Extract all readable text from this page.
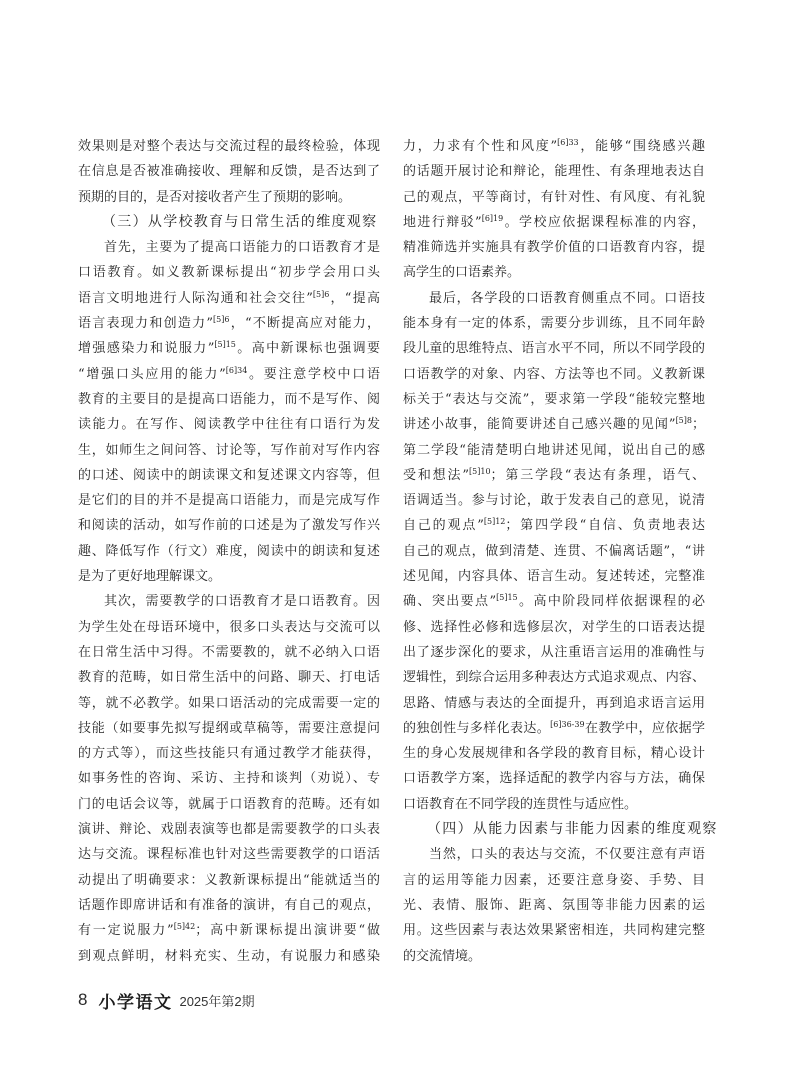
效果则是对整个表达与交流过程的最终检验，体现
在信息是否被准确接收、理解和反馈，是否达到了
预期的目的，是否对接收者产生了预期的影响。
（三）从学校教育与日常生活的维度观察
首先，主要为了提高口语能力的口语教育才是
口语教育。如义教新课标提出“初步学会用口头
语言文明地进行人际沟通和社会交往”$^{[5]6}$，“提高
语言表现力和创造力”$^{[5]6}$，“不断提高应对能力，
增强感染力和说服力”$^{[5]15}$。高中新课标也强调要
“增强口头应用的能力”$^{[6]34}$。要注意学校中口语
教育的主要目的是提高口语能力，而不是写作、阅
读能力。在写作、阅读教学中往往有口语行为发
生，如师生之间问答、讨论等，写作前对写作内容
的口述、阅读中的朗读课文和复述课文内容等，但
是它们的目的并不是提高口语能力，而是完成写作
和阅读的活动，如写作前的口述是为了激发写作兴
趣、降低写作（行文）难度，阅读中的朗读和复述
是为了更好地理解课文。
其次，需要教学的口语教育才是口语教育。因
为学生处在母语环境中，很多口头表达与交流可以
在日常生活中习得。不需要教的，就不必纳入口语
教育的范畴，如日常生活中的问路、聊天、打电话
等，就不必教学。如果口语活动的完成需要一定的
技能（如要事先拟写提纲或草稿等，需要注意提问
的方式等），而这些技能只有通过教学才能获得，
如事务性的咨询、采访、主持和谈判（劝说）、专
门的电话会议等，就属于口语教育的范畴。还有如
演讲、辩论、戏剧表演等也都是需要教学的口头表
达与交流。课程标准也针对这些需要教学的口语活
动提出了明确要求：义教新课标提出“能就适当的
话题作即席讲话和有准备的演讲，有自己的观点，
有一定说服力”$^{[5]42}$；高中新课标提出演讲要“做
到观点鲜明，材料充实、生动，有说服力和感染
力，力求有个性和风度”$^{[6]33}$，能够“围绕感兴趣
的话题开展讨论和辩论，能理性、有条理地表达自
己的观点，平等商讨，有针对性、有风度、有礼貌
地进行辩驳”$^{[6]19}$。学校应依据课程标准的内容，
精准筛选并实施具有教学价值的口语教育内容，提
高学生的口语素养。
最后，各学段的口语教育侧重点不同。口语技
能本身有一定的体系，需要分步训练，且不同年龄
段儿童的思维特点、语言水平不同，所以不同学段的
口语教学的对象、内容、方法等也不同。义教新课
标关于“表达与交流”，要求第一学段“能较完整地
讲述小故事，能简要讲述自己感兴趣的见闻”$^{[5]8}$；
第二学段“能清楚明白地讲述见闻，说出自己的感
受和想法”$^{[5]10}$；第三学段“表达有条理，语气、
语调适当。参与讨论，敢于发表自己的意见，说清
自己的观点”$^{[5]12}$；第四学段“自信、负责地表达
自己的观点，做到清楚、连贯、不偏离话题”，“讲
述见闻，内容具体、语言生动。复述转述，完整准
确、突出要点”$^{[5]15}$。高中阶段同样依据课程的必
修、选择性必修和选修层次，对学生的口语表达提
出了逐步深化的要求，从注重语言运用的准确性与
逻辑性，到综合运用多种表达方式追求观点、内容、
思路、情感与表达的全面提升，再到追求语言运用
的独创性与多样化表达。$^{[6]36-39}$在教学中，应依据学
生的身心发展规律和各学段的教育目标，精心设计
口语教学方案，选择适配的教学内容与方法，确保
口语教育在不同学段的连贯性与适应性。
（四）从能力因素与非能力因素的维度观察
当然，口头的表达与交流，不仅要注意有声语
言的运用等能力因素，还要注意身姿、手势、目
光、表情、服饰、距离、氛围等非能力因素的运
用。这些因素与表达效果紧密相连，共同构建完整
的交流情境。
8 小学语文 2025年第2期
